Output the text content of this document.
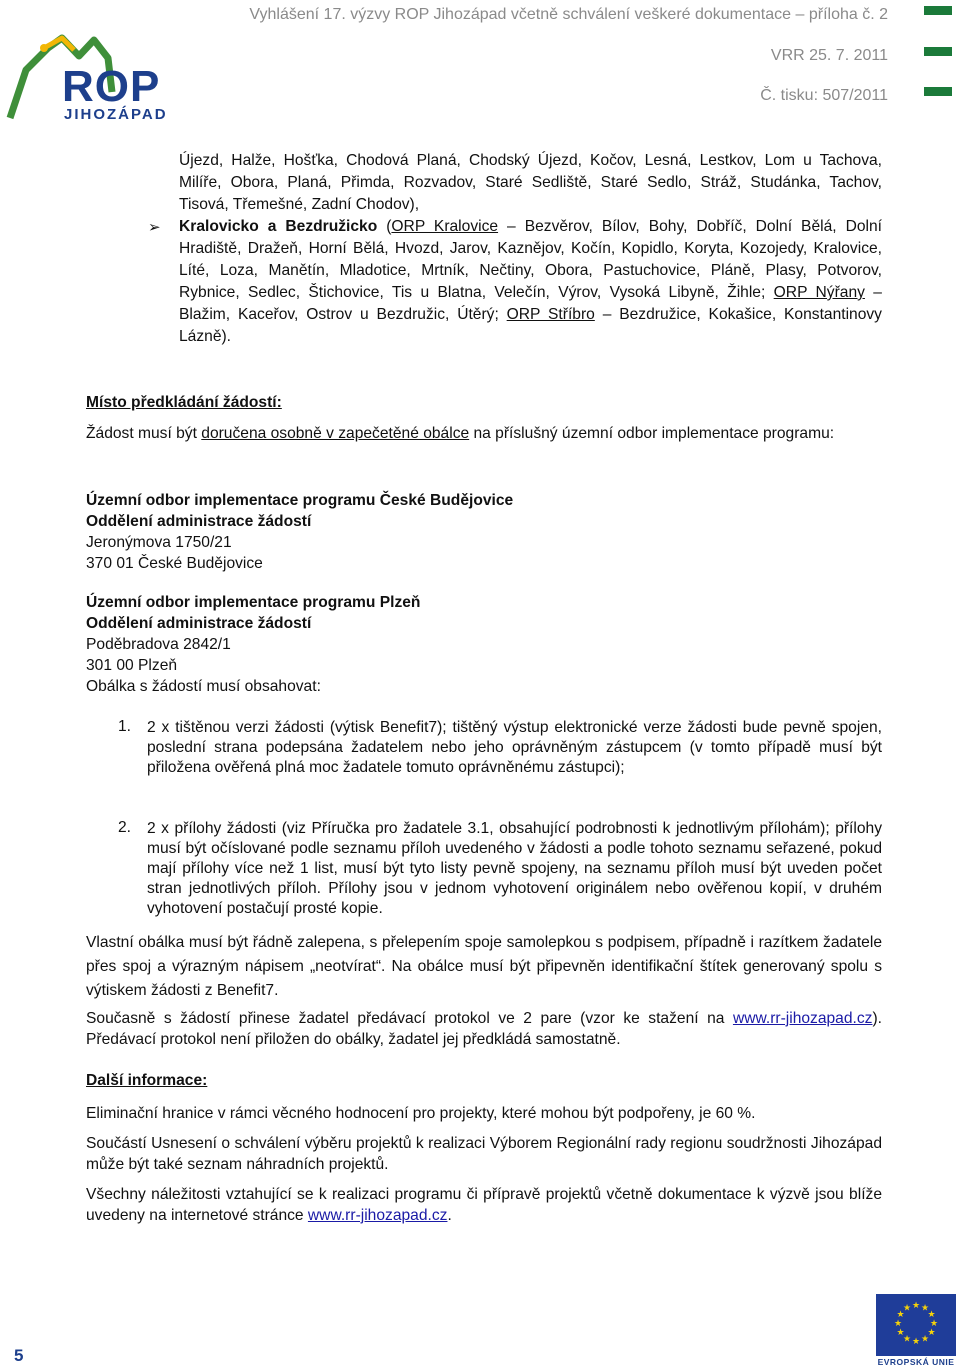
Vyhlášení 17. výzvy ROP Jihozápad včetně schválení veškeré dokumentace – příloha č. 2
VRR 25. 7. 2011
Č. tisku: 507/2011
ROP
JIHOZÁPAD

Újezd, Halže, Hošťka, Chodová Planá, Chodský Újezd, Kočov, Lesná, Lestkov, Lom u Tachova, Milíře, Obora, Planá, Přimda, Rozvadov, Staré Sedliště, Staré Sedlo, Stráž, Studánka, Tachov, Tisová, Třemešné, Zadní Chodov),

➢ Kralovicko a Bezdružicko (ORP Kralovice – Bezvěrov, Bílov, Bohy, Dobříč, Dolní Bělá, Dolní Hradiště, Dražeň, Horní Bělá, Hvozd, Jarov, Kaznějov, Kočín, Kopidlo, Koryta, Kozojedy, Kralovice, Líté, Loza, Manětín, Mladotice, Mrtník, Nečtiny, Obora, Pastuchovice, Pláně, Plasy, Potvorov, Rybnice, Sedlec, Štichovice, Tis u Blatna, Velečín, Výrov, Vysoká Libyně, Žihle; ORP Nýřany – Blažim, Kaceřov, Ostrov u Bezdružic, Útěrý; ORP Stříbro – Bezdružice, Kokašice, Konstantinovy Lázně).

Místo předkládání žádostí:

Žádost musí být doručena osobně v zapečetěné obálce na příslušný územní odbor implementace programu:

Územní odbor implementace programu České Budějovice

Oddělení administrace žádostí

Jeronýmova 1750/21

370 01 České Budějovice

Územní odbor implementace programu Plzeň

Oddělení administrace žádostí

Poděbradova 2842/1

301 00 Plzeň

Obálka s žádostí musí obsahovat:

1. 2 x tištěnou verzi žádosti (výtisk Benefit7); tištěný výstup elektronické verze žádosti bude pevně spojen, poslední strana podepsána žadatelem nebo jeho oprávněným zástupcem (v tomto případě musí být přiložena ověřená plná moc žadatele tomuto oprávněnému zástupci);
2. 2 x přílohy žádosti (viz Příručka pro žadatele 3.1, obsahující podrobnosti k jednotlivým přílohám); přílohy musí být očíslované podle seznamu příloh uvedeného v žádosti a podle tohoto seznamu seřazené, pokud mají přílohy více než 1 list, musí být tyto listy pevně spojeny, na seznamu příloh musí být uveden počet stran jednotlivých příloh. Přílohy jsou v jednom vyhotovení originálem nebo ověřenou kopií, v druhém vyhotovení postačují prosté kopie.

Vlastní obálka musí být řádně zalepena, s přelepením spoje samolepkou s podpisem, případně i razítkem žadatele přes spoj a výrazným nápisem „neotvírat“. Na obálce musí být připevněn identifikační štítek generovaný spolu s výtiskem žádosti z Benefit7.

Současně s žádostí přinese žadatel předávací protokol ve 2 pare (vzor ke stažení na www.rr-jihozapad.cz). Předávací protokol není přiložen do obálky, žadatel jej předkládá samostatně.

Další informace:

Eliminační hranice v rámci věcného hodnocení pro projekty, které mohou být podpořeny, je 60 %.

Součástí Usnesení o schválení výběru projektů k realizaci Výborem Regionální rady regionu soudržnosti Jihozápad může být také seznam náhradních projektů.

Všechny náležitosti vztahující se k realizaci programu či přípravě projektů včetně dokumentace k výzvě jsou blíže uvedeny na internetové stránce www.rr-jihozapad.cz.

5
★ ★
★
★
★
★
★
★
★
★
★
★
EVROPSKÁ UNIE
